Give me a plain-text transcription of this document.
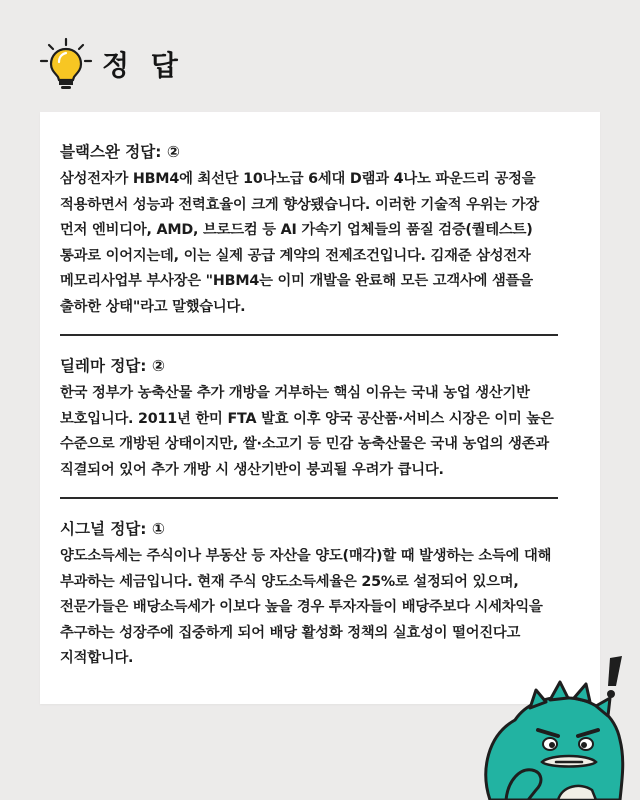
정 답
블랙스완 정답: ②
삼성전자가 HBM4에 최선단 10나노급 6세대 D램과 4나노 파운드리 공정을 적용하면서 성능과 전력효율이 크게 향상됐습니다. 이러한 기술적 우위는 가장 먼저 엔비디아, AMD, 브로드컴 등 AI 가속기 업체들의 품질 검증(퀄테스트) 통과로 이어지는데, 이는 실제 공급 계약의 전제조건입니다. 김재준 삼성전자 메모리사업부 부사장은 "HBM4는 이미 개발을 완료해 모든 고객사에 샘플을 출하한 상태"라고 말했습니다.
딜레마 정답: ②
한국 정부가 농축산물 추가 개방을 거부하는 핵심 이유는 국내 농업 생산기반 보호입니다. 2011년 한미 FTA 발효 이후 양국 공산품·서비스 시장은 이미 높은 수준으로 개방된 상태이지만, 쌀·소고기 등 민감 농축산물은 국내 농업의 생존과 직결되어 있어 추가 개방 시 생산기반이 붕괴될 우려가 큽니다.
시그널 정답: ①
양도소득세는 주식이나 부동산 등 자산을 양도(매각)할 때 발생하는 소득에 대해 부과하는 세금입니다. 현재 주식 양도소득세율은 25%로 설정되어 있으며, 전문가들은 배당소득세가 이보다 높을 경우 투자자들이 배당주보다 시세차익을 추구하는 성장주에 집중하게 되어 배당 활성화 정책의 실효성이 떨어진다고 지적합니다.
